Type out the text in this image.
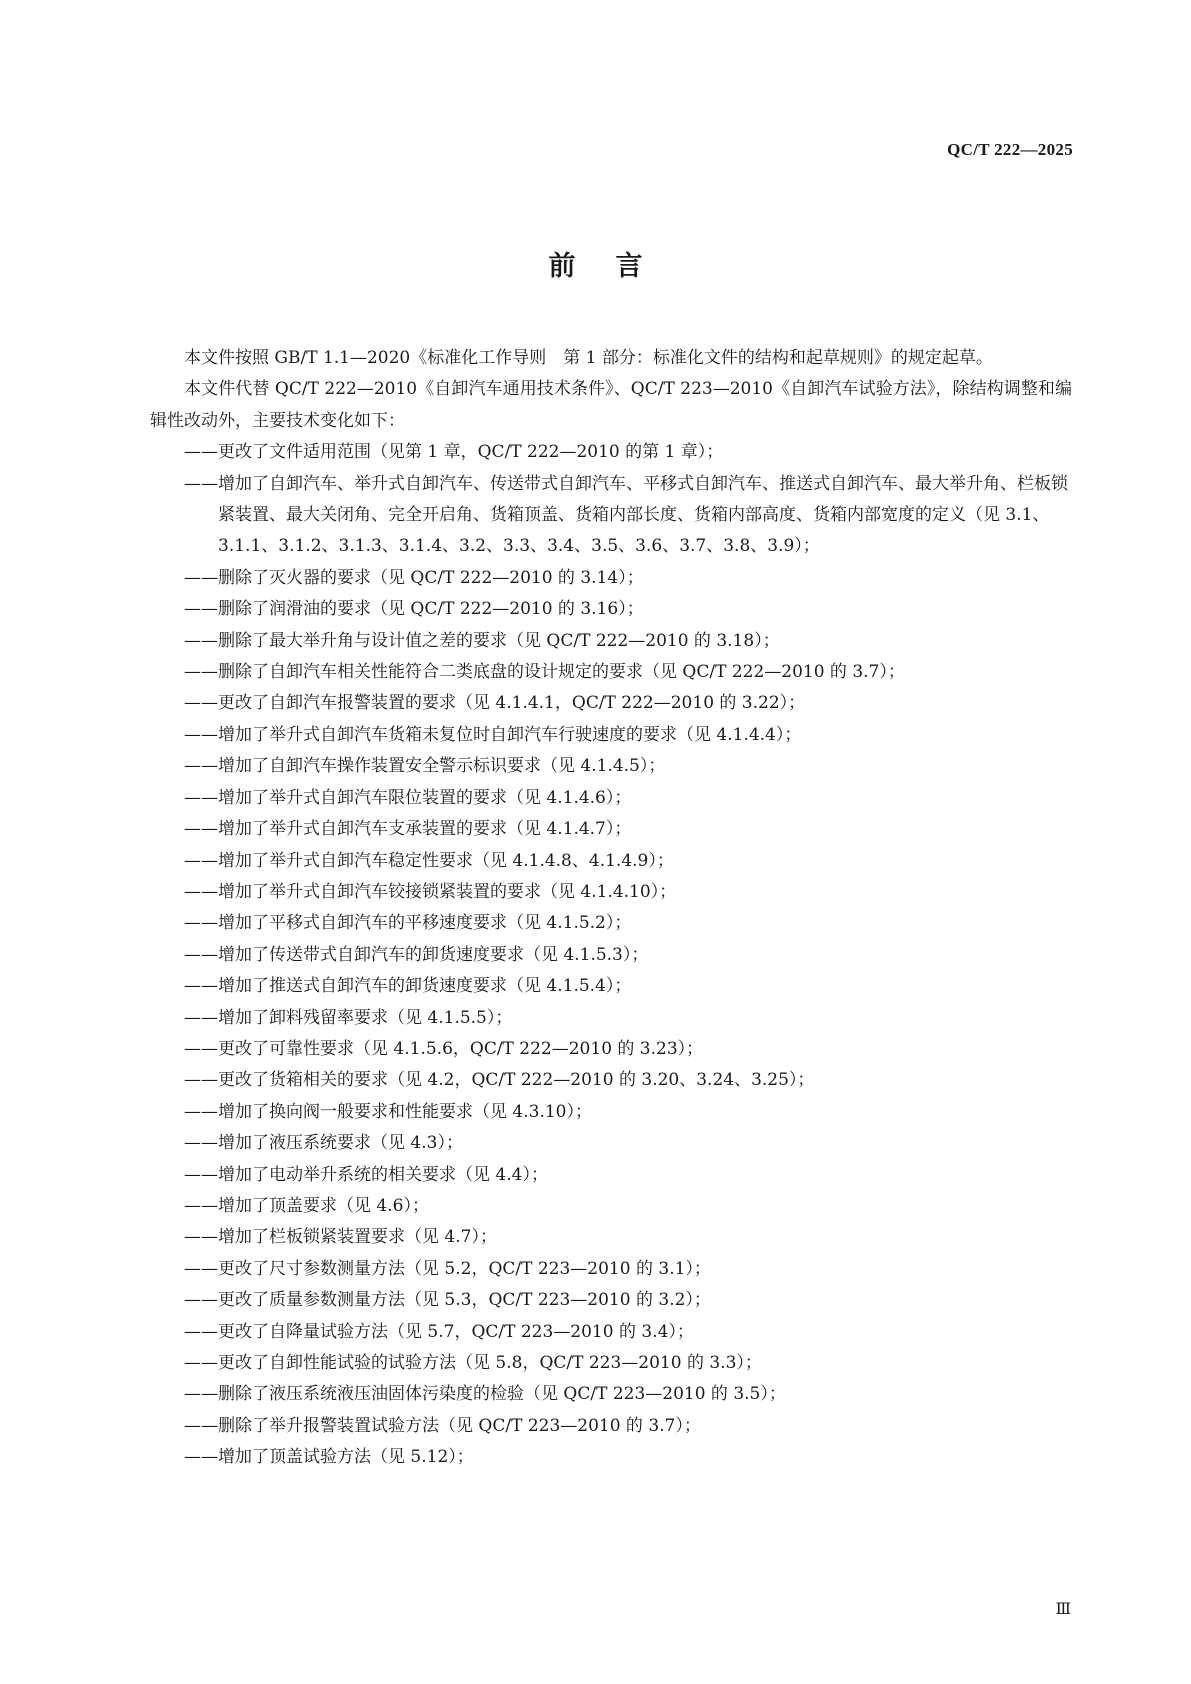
QC/T 222—2025
前言

本文件按照 GB/T 1.1—2020《标准化工作导则　第 1 部分：标准化文件的结构和起草规则》的规定起草。

本文件代替 QC/T 222—2010《自卸汽车通用技术条件》、QC/T 223—2010《自卸汽车试验方法》，除结构调整和编辑性改动外，主要技术变化如下：

——更改了文件适用范围（见第 1 章，QC/T 222—2010 的第 1 章）；
——增加了自卸汽车、举升式自卸汽车、传送带式自卸汽车、平移式自卸汽车、推送式自卸汽车、最大举升角、栏板锁紧装置、最大关闭角、完全开启角、货箱顶盖、货箱内部长度、货箱内部高度、货箱内部宽度的定义（见 3.1、3.1.1、3.1.2、3.1.3、3.1.4、3.2、3.3、3.4、3.5、3.6、3.7、3.8、3.9）；
——删除了灭火器的要求（见 QC/T 222—2010 的 3.14）；
——删除了润滑油的要求（见 QC/T 222—2010 的 3.16）；
——删除了最大举升角与设计值之差的要求（见 QC/T 222—2010 的 3.18）；
——删除了自卸汽车相关性能符合二类底盘的设计规定的要求（见 QC/T 222—2010 的 3.7）；
——更改了自卸汽车报警装置的要求（见 4.1.4.1，QC/T 222—2010 的 3.22）；
——增加了举升式自卸汽车货箱未复位时自卸汽车行驶速度的要求（见 4.1.4.4）；
——增加了自卸汽车操作装置安全警示标识要求（见 4.1.4.5）；
——增加了举升式自卸汽车限位装置的要求（见 4.1.4.6）；
——增加了举升式自卸汽车支承装置的要求（见 4.1.4.7）；
——增加了举升式自卸汽车稳定性要求（见 4.1.4.8、4.1.4.9）；
——增加了举升式自卸汽车铰接锁紧装置的要求（见 4.1.4.10）；
——增加了平移式自卸汽车的平移速度要求（见 4.1.5.2）；
——增加了传送带式自卸汽车的卸货速度要求（见 4.1.5.3）；
——增加了推送式自卸汽车的卸货速度要求（见 4.1.5.4）；
——增加了卸料残留率要求（见 4.1.5.5）；
——更改了可靠性要求（见 4.1.5.6，QC/T 222—2010 的 3.23）；
——更改了货箱相关的要求（见 4.2，QC/T 222—2010 的 3.20、3.24、3.25）；
——增加了换向阀一般要求和性能要求（见 4.3.10）；
——增加了液压系统要求（见 4.3）；
——增加了电动举升系统的相关要求（见 4.4）；
——增加了顶盖要求（见 4.6）；
——增加了栏板锁紧装置要求（见 4.7）；
——更改了尺寸参数测量方法（见 5.2，QC/T 223—2010 的 3.1）；
——更改了质量参数测量方法（见 5.3，QC/T 223—2010 的 3.2）；
——更改了自降量试验方法（见 5.7，QC/T 223—2010 的 3.4）；
——更改了自卸性能试验的试验方法（见 5.8，QC/T 223—2010 的 3.3）；
——删除了液压系统液压油固体污染度的检验（见 QC/T 223—2010 的 3.5）；
——删除了举升报警装置试验方法（见 QC/T 223—2010 的 3.7）；
——增加了顶盖试验方法（见 5.12）；
Ⅲ
